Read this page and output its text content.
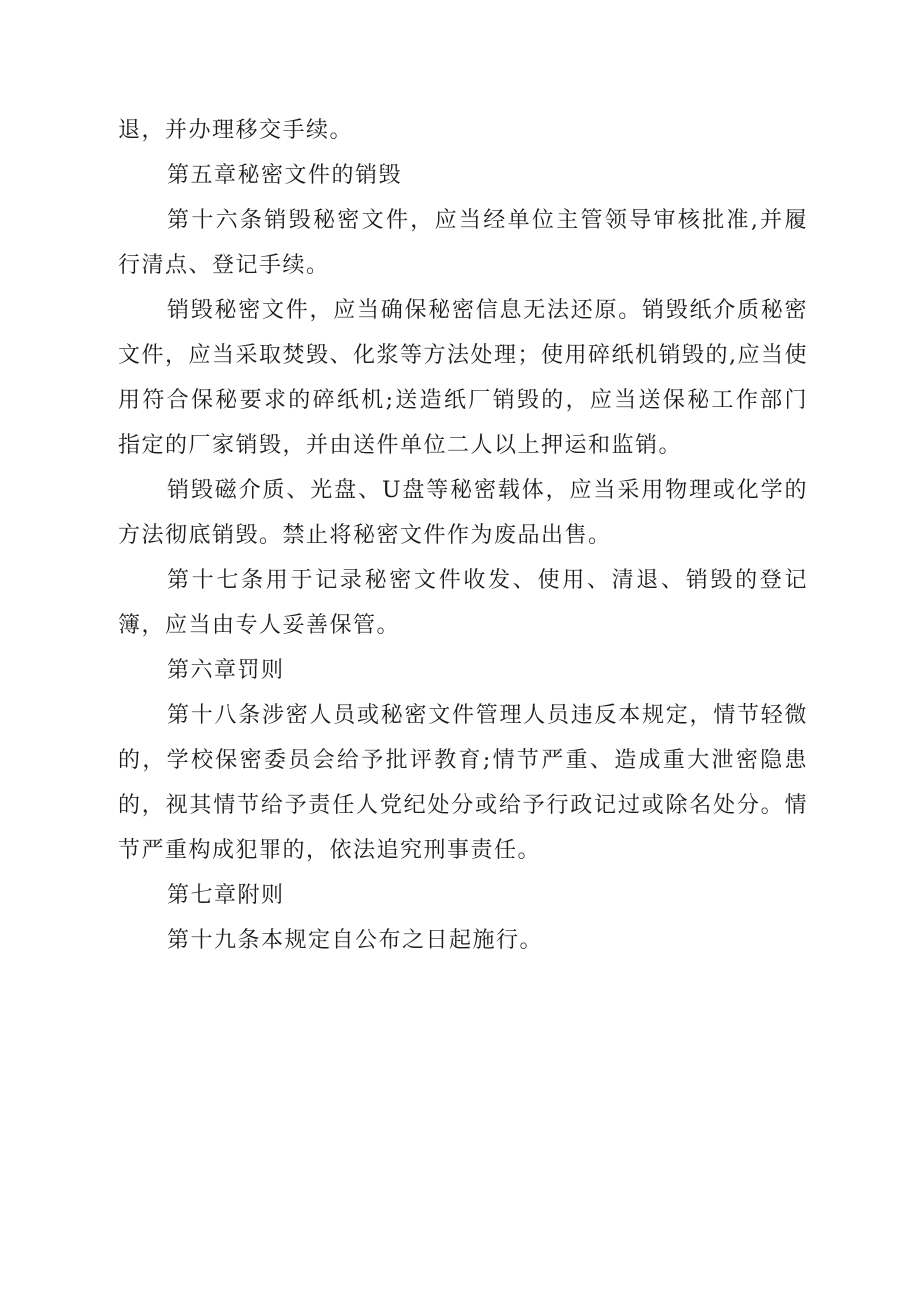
退，并办理移交手续。

第五章秘密文件的销毁

第十六条销毁秘密文件，应当经单位主管领导审核批准,并履行清点、登记手续。

销毁秘密文件，应当确保秘密信息无法还原。销毁纸介质秘密文件，应当采取焚毁、化浆等方法处理；使用碎纸机销毁的,应当使用符合保秘要求的碎纸机;送造纸厂销毁的，应当送保秘工作部门指定的厂家销毁，并由送件单位二人以上押运和监销。

销毁磁介质、光盘、U盘等秘密载体，应当采用物理或化学的方法彻底销毁。禁止将秘密文件作为废品出售。

第十七条用于记录秘密文件收发、使用、清退、销毁的登记簿，应当由专人妥善保管。

第六章罚则

第十八条涉密人员或秘密文件管理人员违反本规定，情节轻微的，学校保密委员会给予批评教育;情节严重、造成重大泄密隐患的，视其情节给予责任人党纪处分或给予行政记过或除名处分。情节严重构成犯罪的，依法追究刑事责任。

第七章附则

第十九条本规定自公布之日起施行。
